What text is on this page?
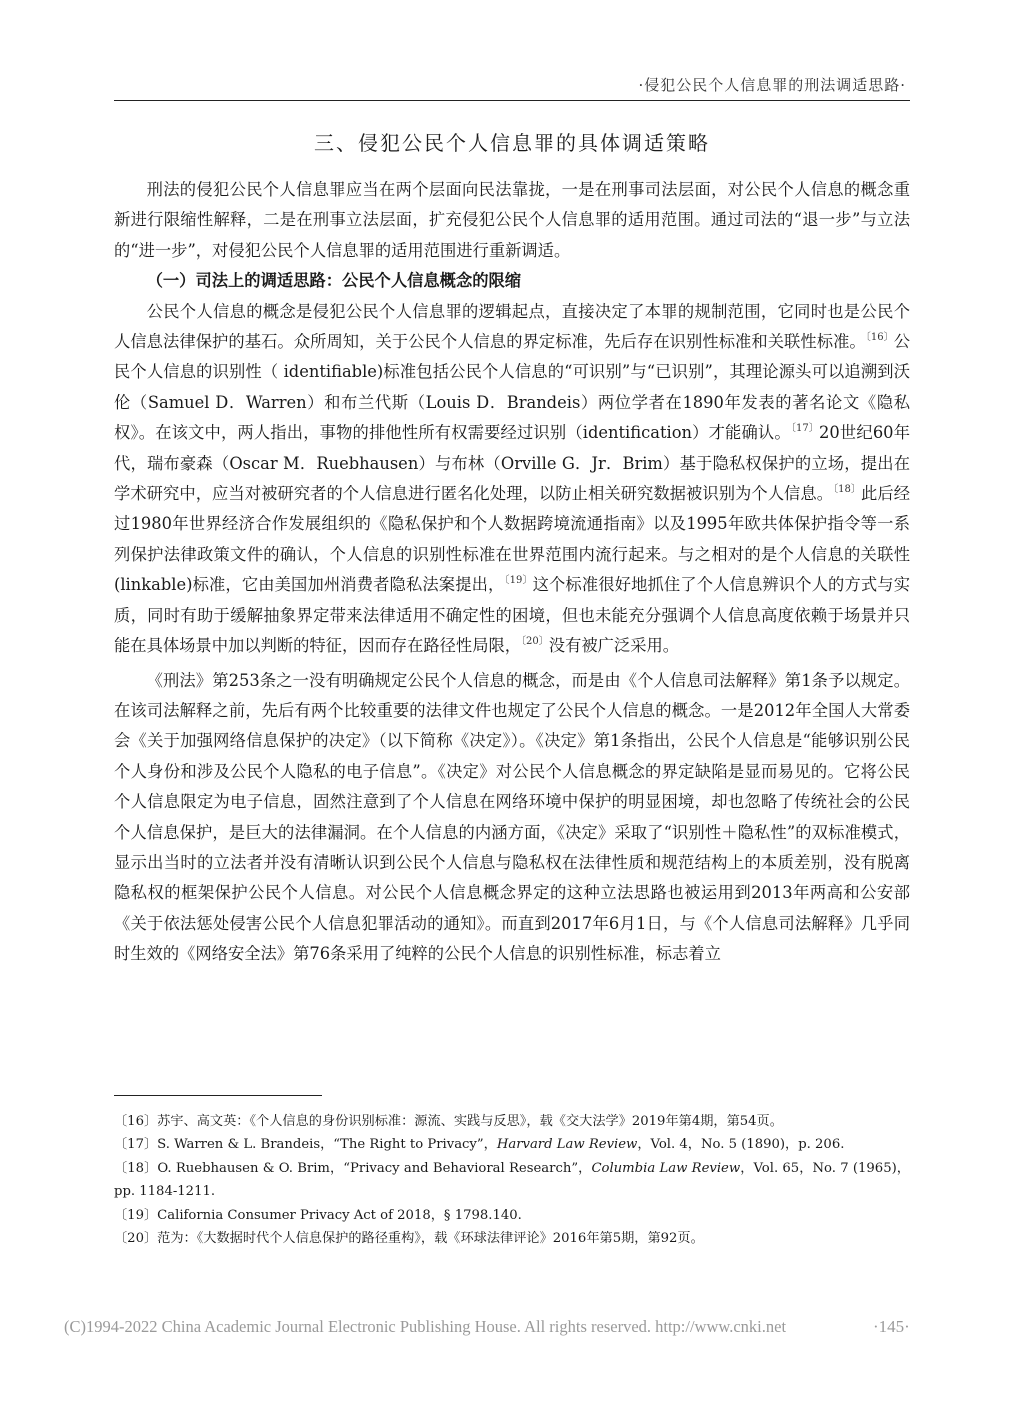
·侵犯公民个人信息罪的刑法调适思路·
三、侵犯公民个人信息罪的具体调适策略

刑法的侵犯公民个人信息罪应当在两个层面向民法靠拢，一是在刑事司法层面，对公民个人信息的概念重新进行限缩性解释，二是在刑事立法层面，扩充侵犯公民个人信息罪的适用范围。通过司法的“退一步”与立法的“进一步”，对侵犯公民个人信息罪的适用范围进行重新调适。

（一）司法上的调适思路：公民个人信息概念的限缩

公民个人信息的概念是侵犯公民个人信息罪的逻辑起点，直接决定了本罪的规制范围，它同时也是公民个人信息法律保护的基石。众所周知，关于公民个人信息的界定标准，先后存在识别性标准和关联性标准。$^{〔16〕}$公民个人信息的识别性（ identifiable)标准包括公民个人信息的“可识别”与“已识别”，其理论源头可以追溯到沃伦（Samuel D．Warren）和布兰代斯（Louis D．Brandeis）两位学者在1890年发表的著名论文《隐私权》。在该文中，两人指出，事物的排他性所有权需要经过识别（identification）才能确认。$^{〔17〕}$20世纪60年代，瑞布豪森（Oscar M．Ruebhausen）与布林（Orville G．Jr．Brim）基于隐私权保护的立场，提出在学术研究中，应当对被研究者的个人信息进行匿名化处理，以防止相关研究数据被识别为个人信息。$^{〔18〕}$此后经过1980年世界经济合作发展组织的《隐私保护和个人数据跨境流通指南》以及1995年欧共体保护指令等一系列保护法律政策文件的确认，个人信息的识别性标准在世界范围内流行起来。与之相对的是个人信息的关联性(linkable)标准，它由美国加州消费者隐私法案提出，$^{〔19〕}$这个标准很好地抓住了个人信息辨识个人的方式与实质，同时有助于缓解抽象界定带来法律适用不确定性的困境，但也未能充分强调个人信息高度依赖于场景并只能在具体场景中加以判断的特征，因而存在路径性局限，$^{〔20〕}$没有被广泛采用。

《刑法》第253条之一没有明确规定公民个人信息的概念，而是由《个人信息司法解释》第1条予以规定。在该司法解释之前，先后有两个比较重要的法律文件也规定了公民个人信息的概念。一是2012年全国人大常委会《关于加强网络信息保护的决定》（以下简称《决定》）。《决定》第1条指出，公民个人信息是“能够识别公民个人身份和涉及公民个人隐私的电子信息”。《决定》对公民个人信息概念的界定缺陷是显而易见的。它将公民个人信息限定为电子信息，固然注意到了个人信息在网络环境中保护的明显困境，却也忽略了传统社会的公民个人信息保护，是巨大的法律漏洞。在个人信息的内涵方面，《决定》采取了“识别性＋隐私性”的双标准模式，显示出当时的立法者并没有清晰认识到公民个人信息与隐私权在法律性质和规范结构上的本质差别，没有脱离隐私权的框架保护公民个人信息。对公民个人信息概念界定的这种立法思路也被运用到2013年两高和公安部《关于依法惩处侵害公民个人信息犯罪活动的通知》。而直到2017年6月1日，与《个人信息司法解释》几乎同时生效的《网络安全法》第76条采用了纯粹的公民个人信息的识别性标准，标志着立

〔16〕苏宇、高文英：《个人信息的身份识别标准：源流、实践与反思》，载《交大法学》2019年第4期，第54页。

〔17〕S. Warren & L. Brandeis，“The Right to Privacy”，Harvard Law Review，Vol. 4，No. 5 (1890)，p. 206.

〔18〕O. Ruebhausen & O. Brim，“Privacy and Behavioral Research”，Columbia Law Review，Vol. 65，No. 7 (1965)，pp. 1184-1211.

〔19〕California Consumer Privacy Act of 2018，§ 1798.140.

〔20〕范为：《大数据时代个人信息保护的路径重构》，载《环球法律评论》2016年第5期，第92页。

(C)1994-2022 China Academic Journal Electronic Publishing House. All rights reserved. http://www.cnki.net	·145·
